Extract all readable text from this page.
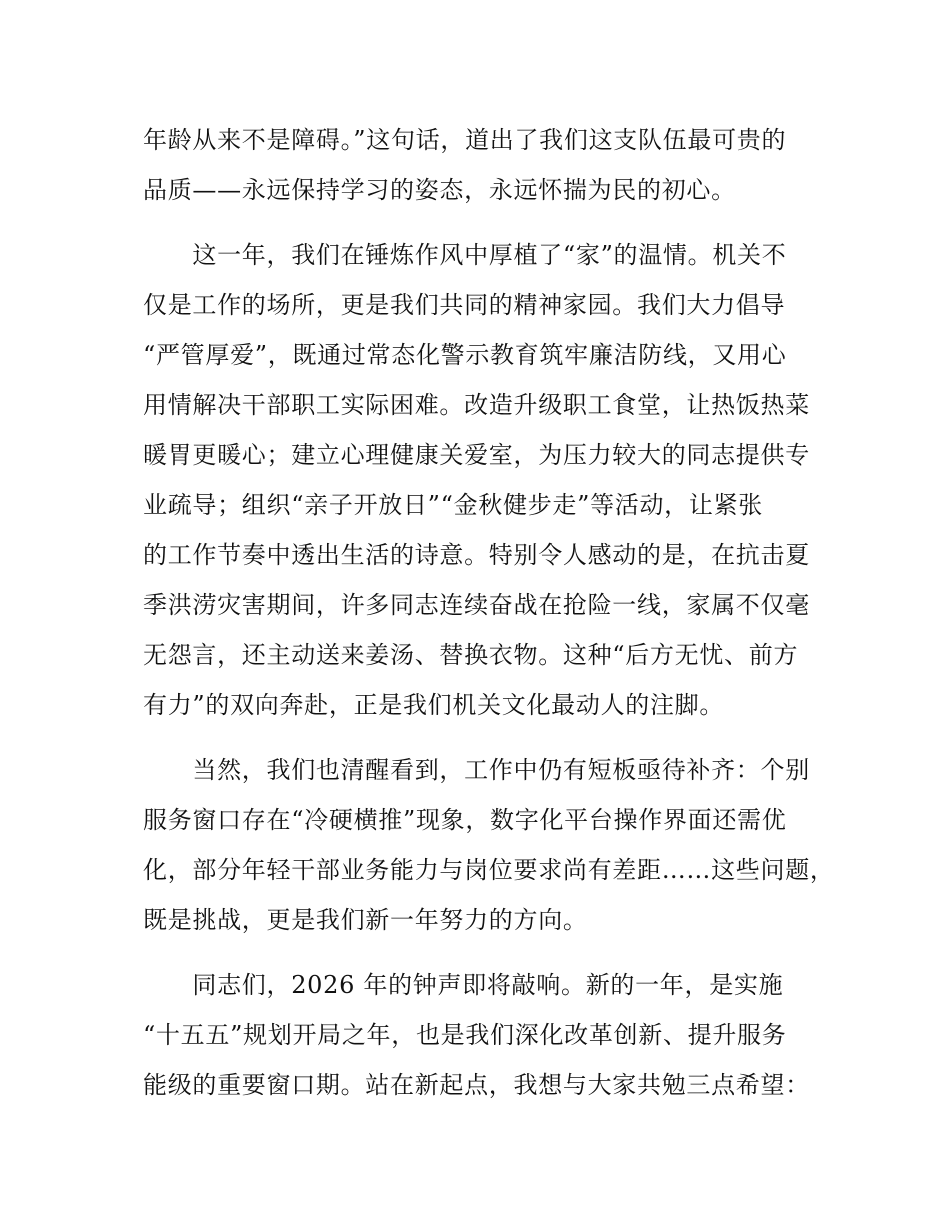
年龄从来不是障碍。”这句话，道出了我们这支队伍最可贵的
品质——永远保持学习的姿态，永远怀揣为民的初心。
　　这一年，我们在锤炼作风中厚植了“家”的温情。机关不
仅是工作的场所，更是我们共同的精神家园。我们大力倡导
“严管厚爱”，既通过常态化警示教育筑牢廉洁防线，又用心
用情解决干部职工实际困难。改造升级职工食堂，让热饭热菜
暖胃更暖心；建立心理健康关爱室，为压力较大的同志提供专
业疏导；组织“亲子开放日”“金秋健步走”等活动，让紧张
的工作节奏中透出生活的诗意。特别令人感动的是，在抗击夏
季洪涝灾害期间，许多同志连续奋战在抢险一线，家属不仅毫
无怨言，还主动送来姜汤、替换衣物。这种“后方无忧、前方
有力”的双向奔赴，正是我们机关文化最动人的注脚。
　　当然，我们也清醒看到，工作中仍有短板亟待补齐：个别
服务窗口存在“冷硬横推”现象，数字化平台操作界面还需优
化，部分年轻干部业务能力与岗位要求尚有差距……这些问题，
既是挑战，更是我们新一年努力的方向。
　　同志们，2026 年的钟声即将敲响。新的一年，是实施
“十五五”规划开局之年，也是我们深化改革创新、提升服务
能级的重要窗口期。站在新起点，我想与大家共勉三点希望：
